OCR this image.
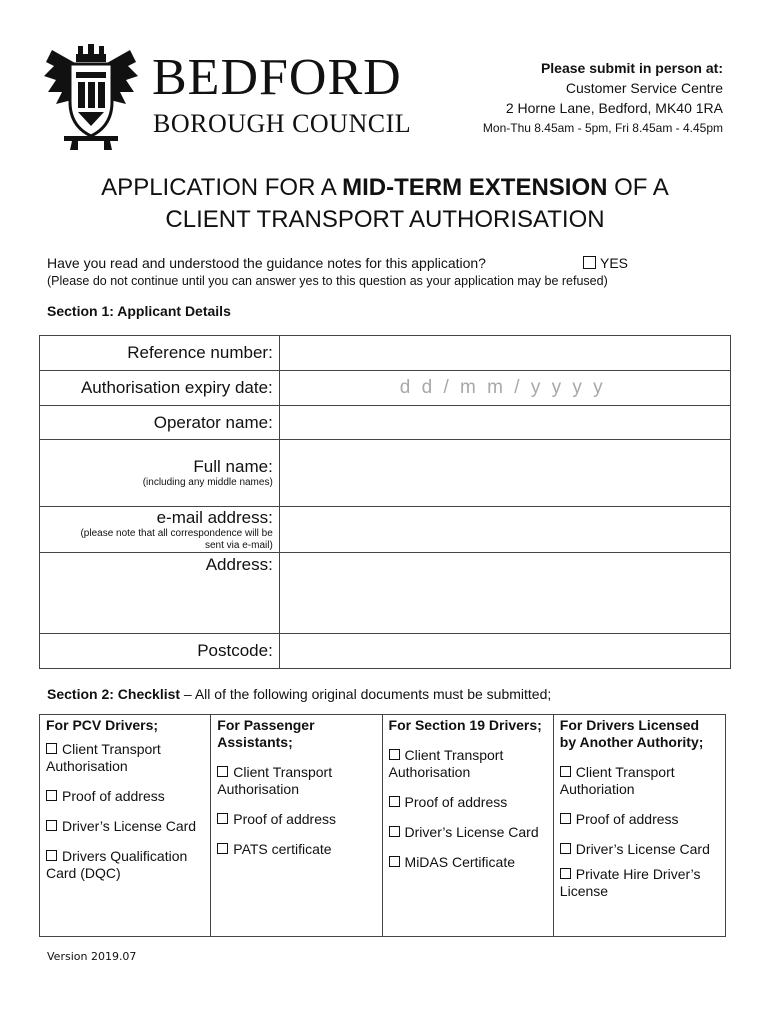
BEDFORD
BOROUGH COUNCIL
Please submit in person at:
Customer Service Centre
2 Horne Lane, Bedford, MK40 1RA
Mon-Thu 8.45am - 5pm, Fri 8.45am - 4.45pm
APPLICATION FOR A MID-TERM EXTENSION OF A
CLIENT TRANSPORT AUTHORISATION
Have you read and understood the guidance notes for this application?	YES
(Please do not continue until you can answer yes to this question as your application may be refused)
Section 1: Applicant Details
Reference number:	
Authorisation expiry date:	d d / m m / y y y y
Operator name:	

Full name:
(including any middle names)	

e-mail address:
(please note that all correspondence will be sent via e-mail)	

Address:	
Postcode:	
Section 2: Checklist – All of the following original documents must be submitted;
For PCV Drivers;
Client Transport Authorisation
Proof of address
Driver’s License Card
Drivers Qualification Card (DQC)

For Passenger Assistants;
Client Transport Authorisation
Proof of address
PATS certificate

For Section 19 Drivers;
Client Transport Authorisation
Proof of address
Driver’s License Card
MiDAS Certificate

For Drivers Licensed by Another Authority;
Client Transport Authoriation
Proof of address
Driver’s License Card
Private Hire Driver’s License
Version 2019.07
